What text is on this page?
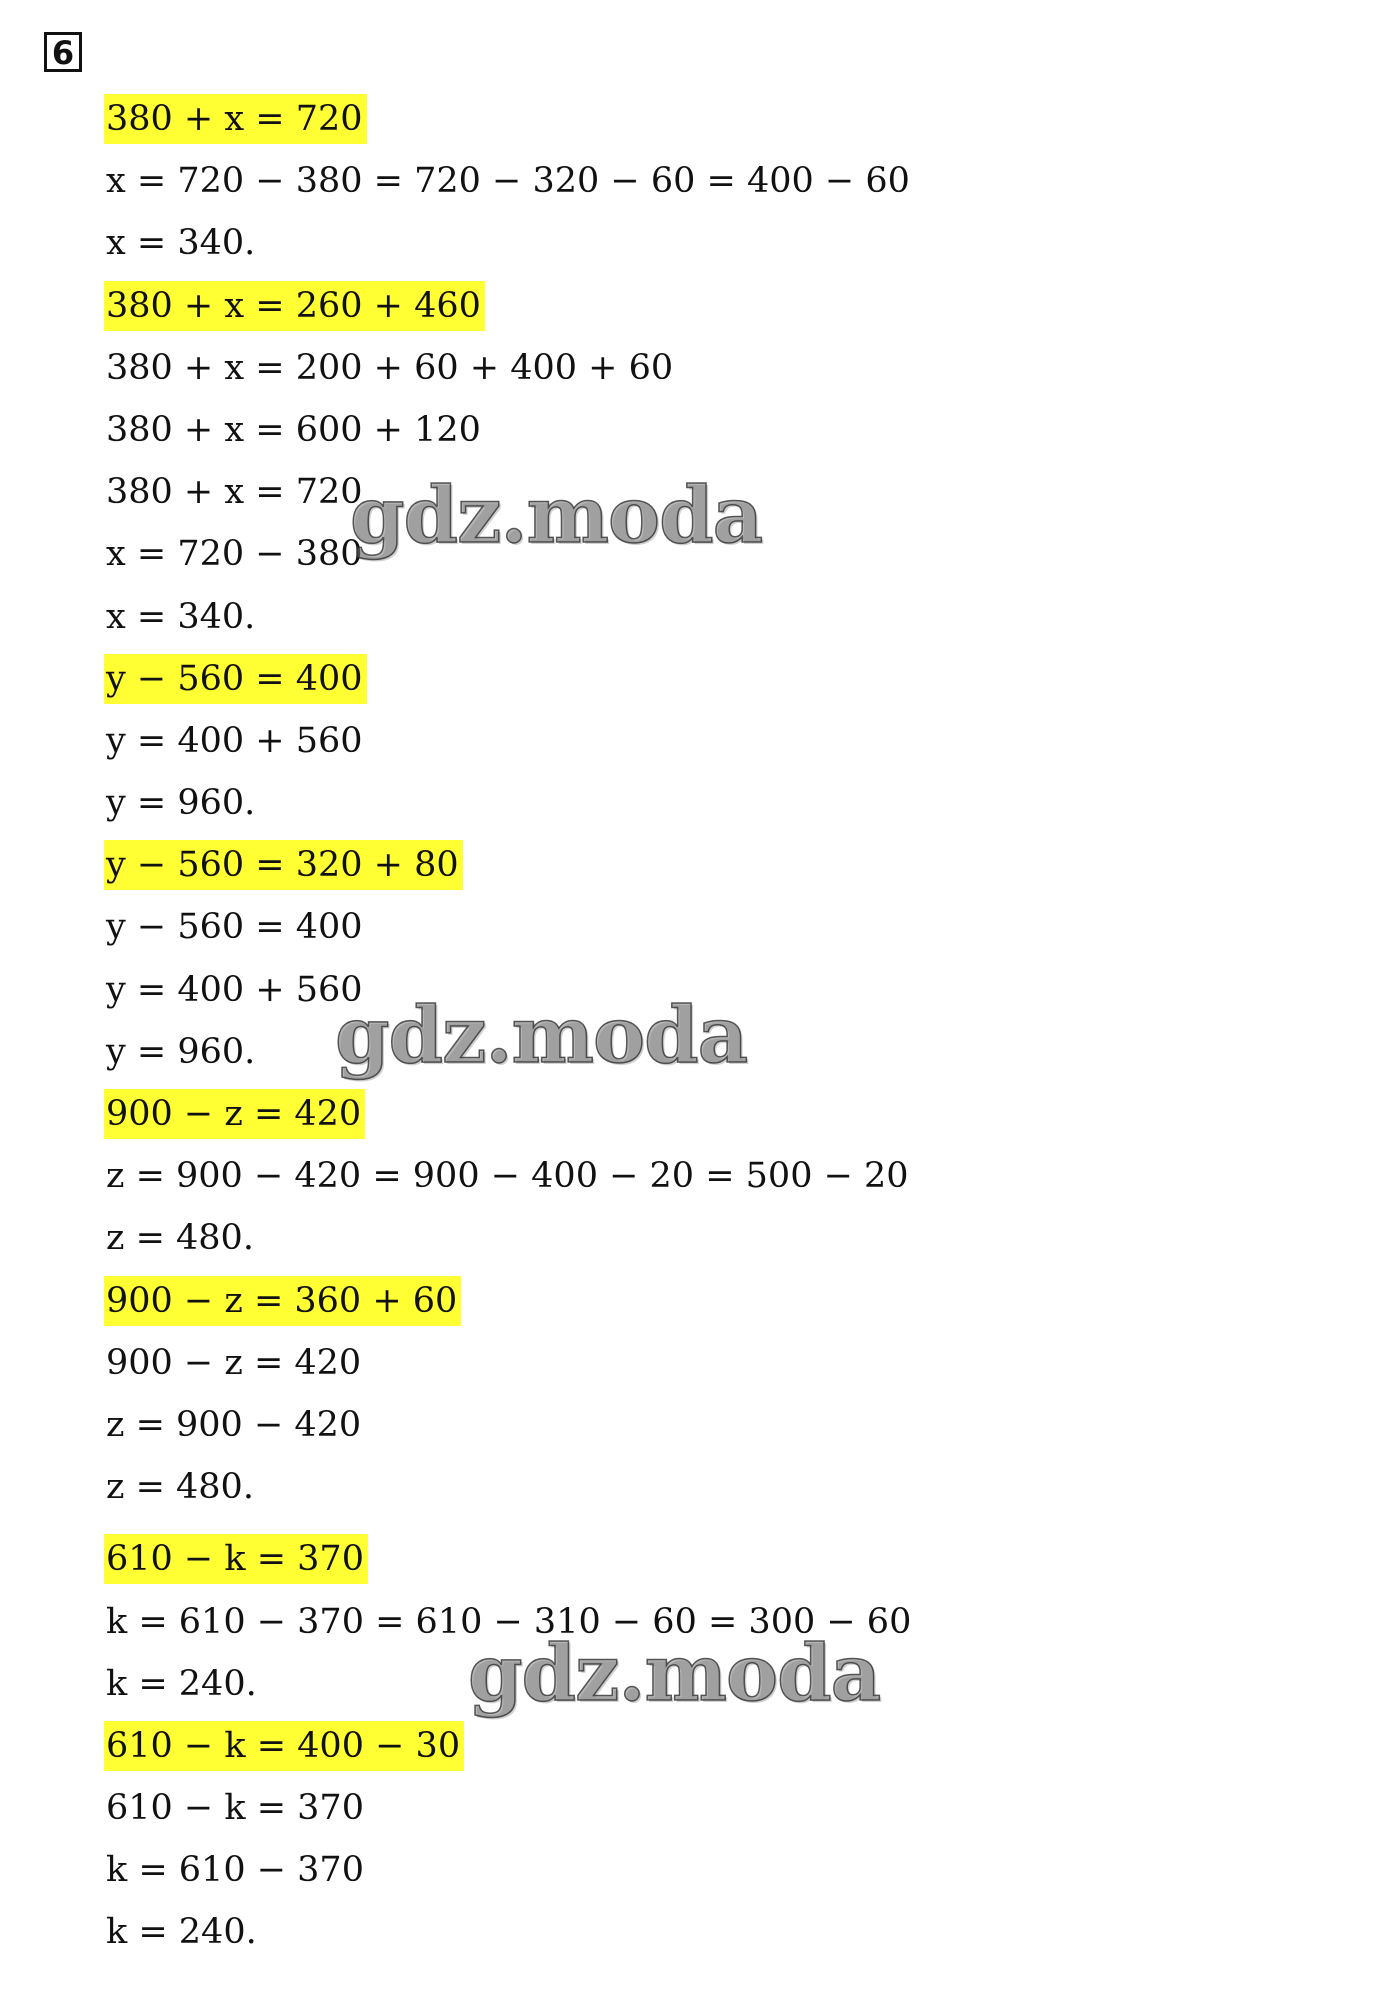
6
380 + x = 720
x = 720 − 380 = 720 − 320 − 60 = 400 − 60
x = 340.
380 + x = 260 + 460
380 + x = 200 + 60 + 400 + 60
380 + x = 600 + 120
380 + x = 720
x = 720 − 380
x = 340.
y − 560 = 400
y = 400 + 560
y = 960.
y − 560 = 320 + 80
y − 560 = 400
y = 400 + 560
y = 960.
900 − z = 420
z = 900 − 420 = 900 − 400 − 20 = 500 − 20
z = 480.
900 − z = 360 + 60
900 − z = 420
z = 900 − 420
z = 480.
610 − k = 370
k = 610 − 370 = 610 − 310 − 60 = 300 − 60
k = 240.
610 − k = 400 − 30
610 − k = 370
k = 610 − 370
k = 240.
gdz.moda
gdz.moda
gdz.moda
